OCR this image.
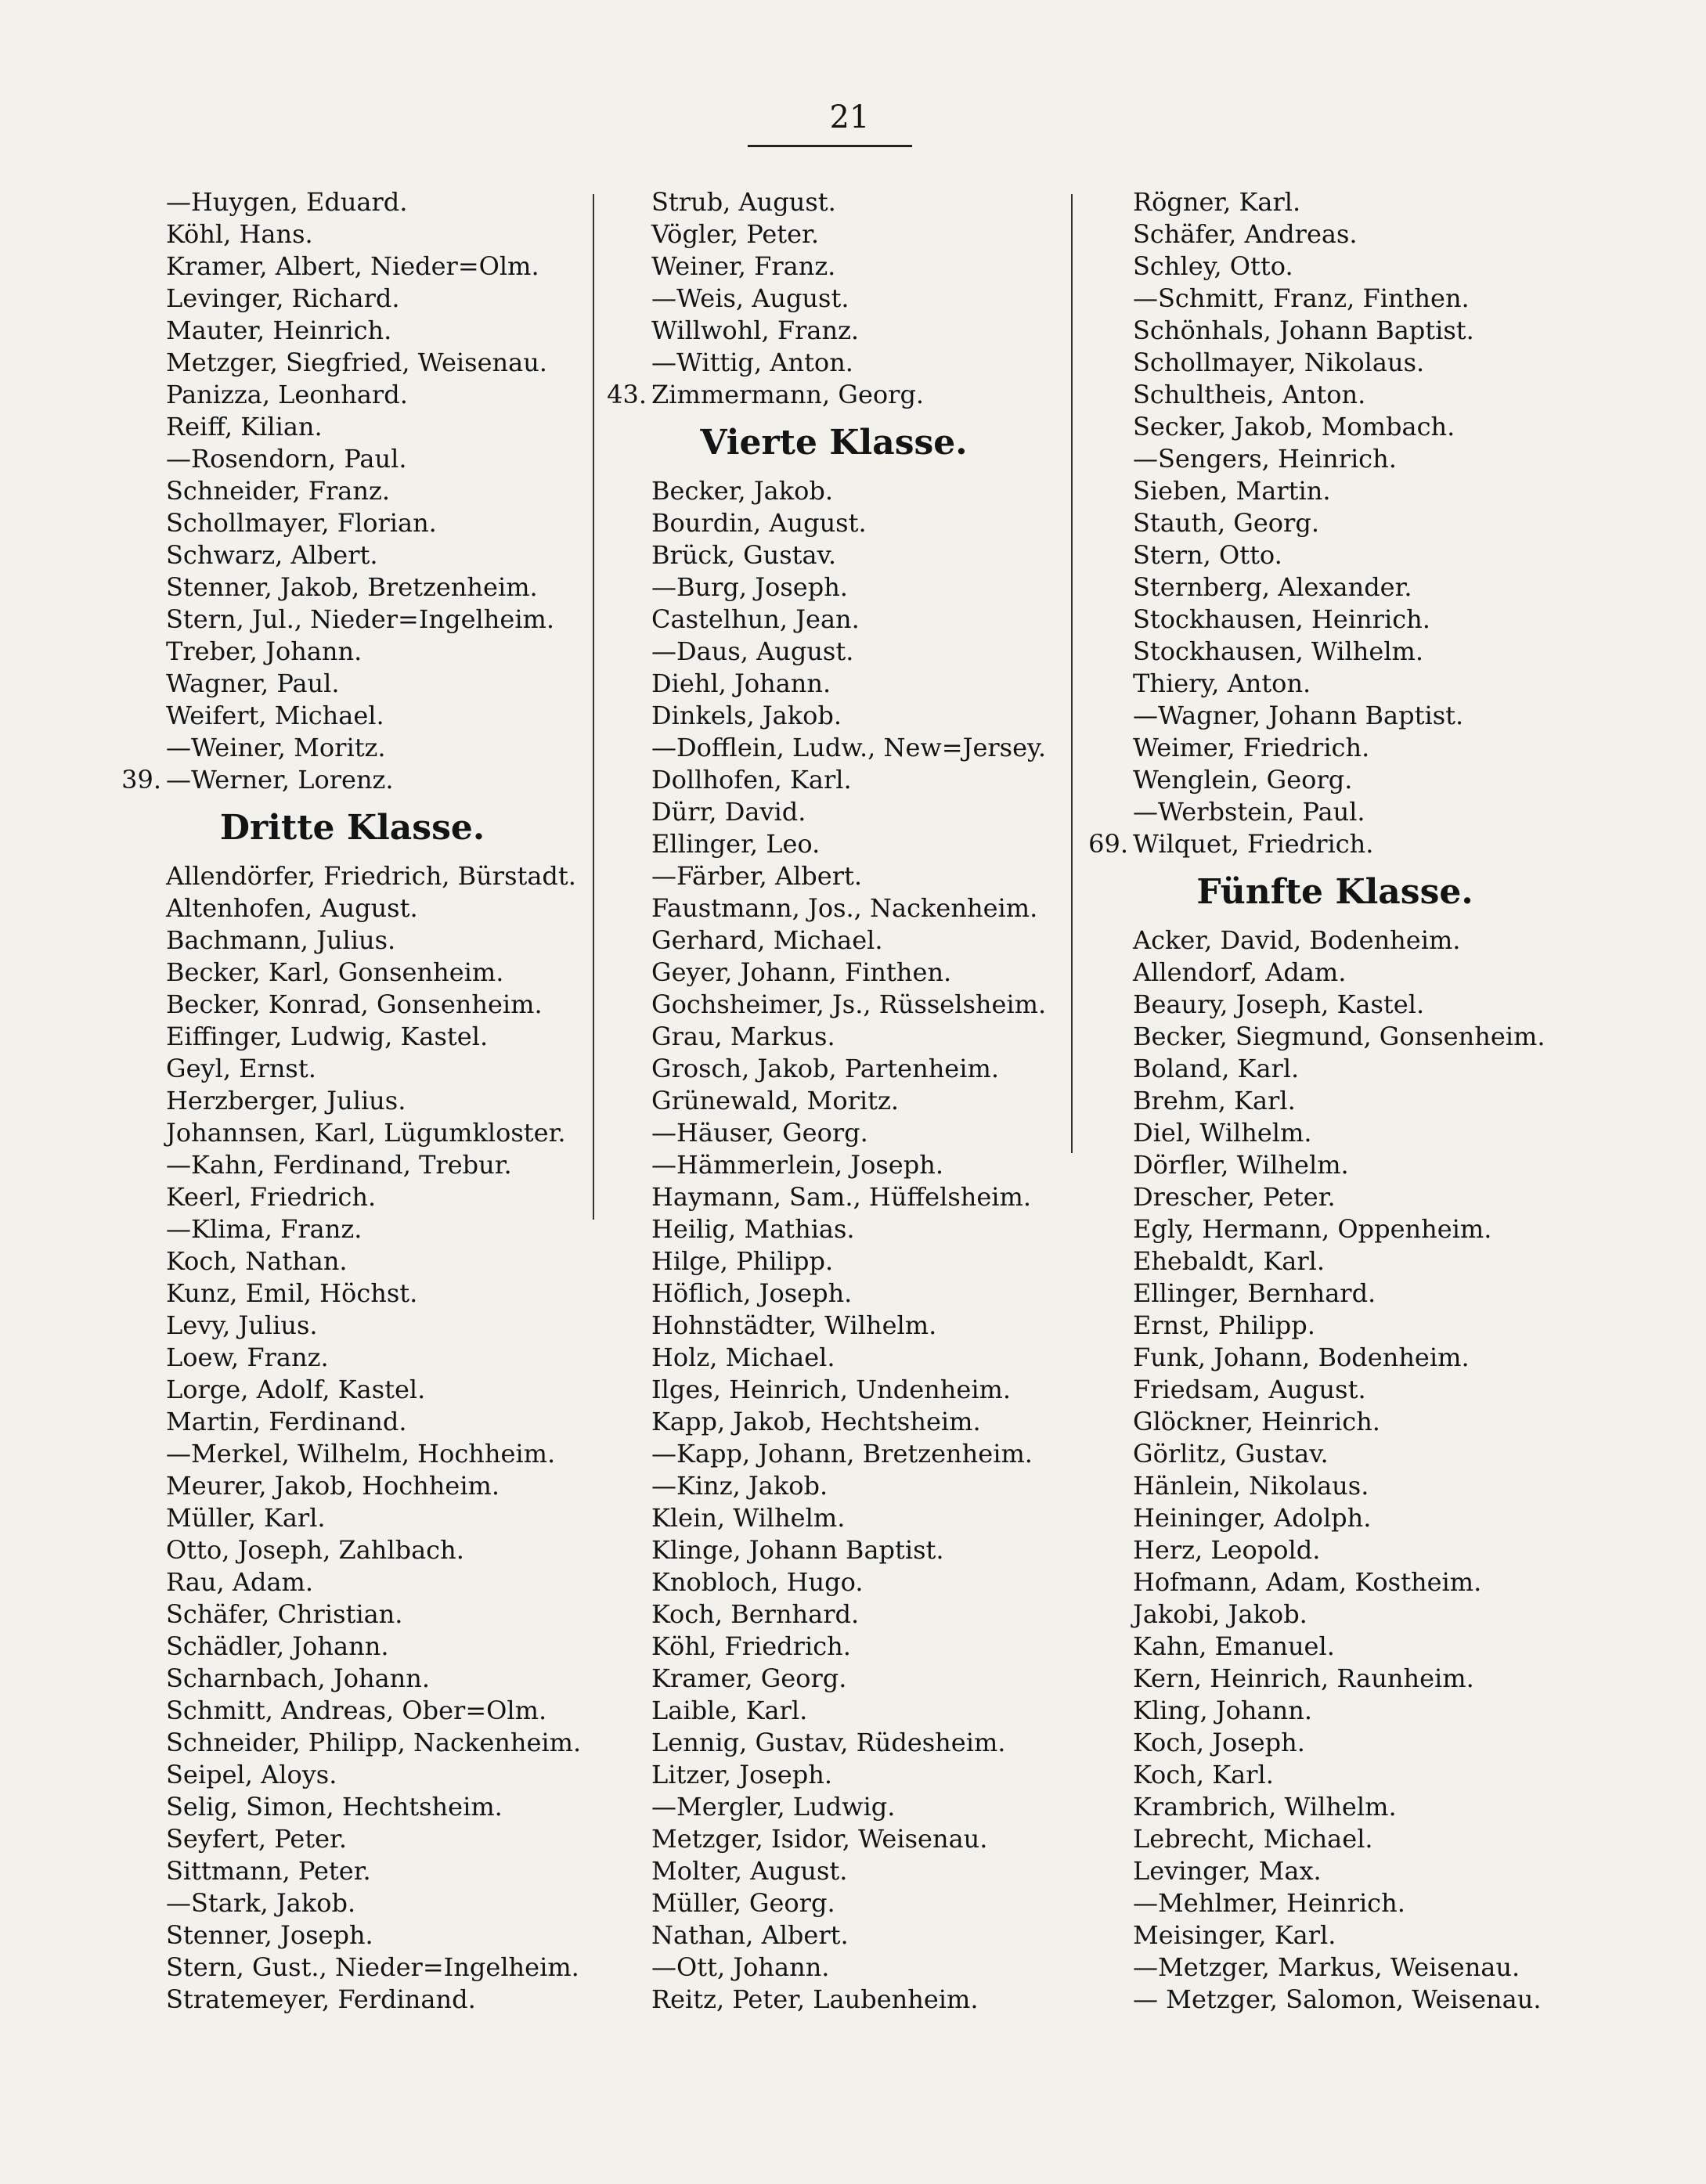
21
—Huygen, Eduard.
Köhl, Hans.
Kramer, Albert, Nieder=Olm.
Levinger, Richard.
Mauter, Heinrich.
Metzger, Siegfried, Weisenau.
Panizza, Leonhard.
Reiff, Kilian.
—Rosendorn, Paul.
Schneider, Franz.
Schollmayer, Florian.
Schwarz, Albert.
Stenner, Jakob, Bretzenheim.
Stern, Jul., Nieder=Ingelheim.
Treber, Johann.
Wagner, Paul.
Weifert, Michael.
—Weiner, Moritz.
39. —Werner, Lorenz.
Dritte Klasse.
Allendörfer, Friedrich, Bürstadt.
Altenhofen, August.
Bachmann, Julius.
Becker, Karl, Gonsenheim.
Becker, Konrad, Gonsenheim.
Eiffinger, Ludwig, Kastel.
Geyl, Ernst.
Herzberger, Julius.
Johannsen, Karl, Lügumkloster.
—Kahn, Ferdinand, Trebur.
Keerl, Friedrich.
—Klima, Franz.
Koch, Nathan.
Kunz, Emil, Höchst.
Levy, Julius.
Loew, Franz.
Lorge, Adolf, Kastel.
Martin, Ferdinand.
—Merkel, Wilhelm, Hochheim.
Meurer, Jakob, Hochheim.
Müller, Karl.
Otto, Joseph, Zahlbach.
Rau, Adam.
Schäfer, Christian.
Schädler, Johann.
Scharnbach, Johann.
Schmitt, Andreas, Ober=Olm.
Schneider, Philipp, Nackenheim.
Seipel, Aloys.
Selig, Simon, Hechtsheim.
Seyfert, Peter.
Sittmann, Peter.
—Stark, Jakob.
Stenner, Joseph.
Stern, Gust., Nieder=Ingelheim.
Stratemeyer, Ferdinand.
Strub, August.
Vögler, Peter.
Weiner, Franz.
—Weis, August.
Willwohl, Franz.
—Wittig, Anton.
43. Zimmermann, Georg.
Vierte Klasse.
Becker, Jakob.
Bourdin, August.
Brück, Gustav.
—Burg, Joseph.
Castelhun, Jean.
—Daus, August.
Diehl, Johann.
Dinkels, Jakob.
—Dofflein, Ludw., New=Jersey.
Dollhofen, Karl.
Dürr, David.
Ellinger, Leo.
—Färber, Albert.
Faustmann, Jos., Nackenheim.
Gerhard, Michael.
Geyer, Johann, Finthen.
Gochsheimer, Js., Rüsselsheim.
Grau, Markus.
Grosch, Jakob, Partenheim.
Grünewald, Moritz.
—Häuser, Georg.
—Hämmerlein, Joseph.
Haymann, Sam., Hüffelsheim.
Heilig, Mathias.
Hilge, Philipp.
Höflich, Joseph.
Hohnstädter, Wilhelm.
Holz, Michael.
Ilges, Heinrich, Undenheim.
Kapp, Jakob, Hechtsheim.
—Kapp, Johann, Bretzenheim.
—Kinz, Jakob.
Klein, Wilhelm.
Klinge, Johann Baptist.
Knobloch, Hugo.
Koch, Bernhard.
Köhl, Friedrich.
Kramer, Georg.
Laible, Karl.
Lennig, Gustav, Rüdesheim.
Litzer, Joseph.
—Mergler, Ludwig.
Metzger, Isidor, Weisenau.
Molter, August.
Müller, Georg.
Nathan, Albert.
—Ott, Johann.
Reitz, Peter, Laubenheim.
Rögner, Karl.
Schäfer, Andreas.
Schley, Otto.
—Schmitt, Franz, Finthen.
Schönhals, Johann Baptist.
Schollmayer, Nikolaus.
Schultheis, Anton.
Secker, Jakob, Mombach.
—Sengers, Heinrich.
Sieben, Martin.
Stauth, Georg.
Stern, Otto.
Sternberg, Alexander.
Stockhausen, Heinrich.
Stockhausen, Wilhelm.
Thiery, Anton.
—Wagner, Johann Baptist.
Weimer, Friedrich.
Wenglein, Georg.
—Werbstein, Paul.
69. Wilquet, Friedrich.
Fünfte Klasse.
Acker, David, Bodenheim.
Allendorf, Adam.
Beaury, Joseph, Kastel.
Becker, Siegmund, Gonsenheim.
Boland, Karl.
Brehm, Karl.
Diel, Wilhelm.
Dörfler, Wilhelm.
Drescher, Peter.
Egly, Hermann, Oppenheim.
Ehebaldt, Karl.
Ellinger, Bernhard.
Ernst, Philipp.
Funk, Johann, Bodenheim.
Friedsam, August.
Glöckner, Heinrich.
Görlitz, Gustav.
Hänlein, Nikolaus.
Heininger, Adolph.
Herz, Leopold.
Hofmann, Adam, Kostheim.
Jakobi, Jakob.
Kahn, Emanuel.
Kern, Heinrich, Raunheim.
Kling, Johann.
Koch, Joseph.
Koch, Karl.
Krambrich, Wilhelm.
Lebrecht, Michael.
Levinger, Max.
—Mehlmer, Heinrich.
Meisinger, Karl.
—Metzger, Markus, Weisenau.
— Metzger, Salomon, Weisenau.
